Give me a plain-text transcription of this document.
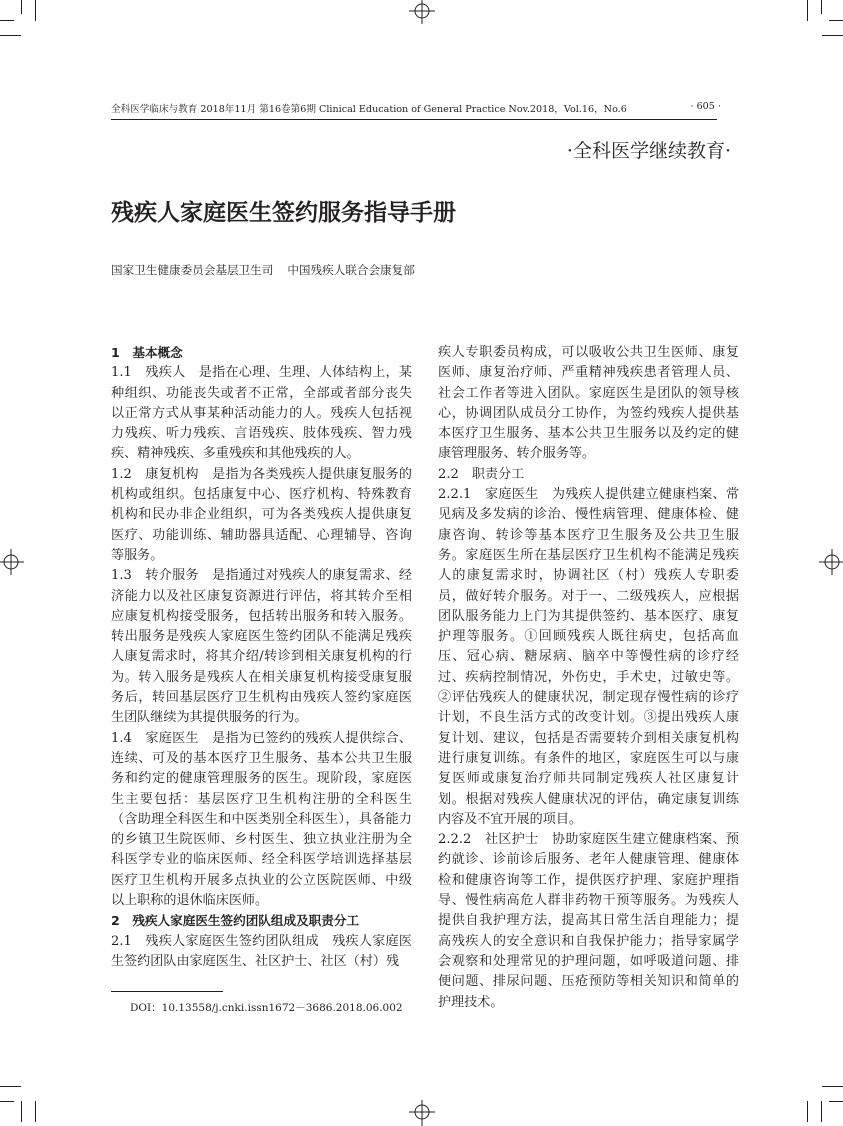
全科医学临床与教育 2018年11月 第16卷第6期 Clinical Education of General Practice Nov.2018，Vol.16，No.6	· 605 ·
·全科医学继续教育·
残疾人家庭医生签约服务指导手册
国家卫生健康委员会基层卫生司 中国残疾人联合会康复部

1　基本概念

1.1　残疾人　是指在心理、生理、人体结构上，某种组织、功能丧失或者不正常，全部或者部分丧失以正常方式从事某种活动能力的人。残疾人包括视力残疾、听力残疾、言语残疾、肢体残疾、智力残疾、精神残疾、多重残疾和其他残疾的人。

1.2　康复机构　是指为各类残疾人提供康复服务的机构或组织。包括康复中心、医疗机构、特殊教育机构和民办非企业组织，可为各类残疾人提供康复医疗、功能训练、辅助器具适配、心理辅导、咨询等服务。

1.3　转介服务　是指通过对残疾人的康复需求、经济能力以及社区康复资源进行评估，将其转介至相应康复机构接受服务，包括转出服务和转入服务。转出服务是残疾人家庭医生签约团队不能满足残疾人康复需求时，将其介绍/转诊到相关康复机构的行为。转入服务是残疾人在相关康复机构接受康复服务后，转回基层医疗卫生机构由残疾人签约家庭医生团队继续为其提供服务的行为。

1.4　家庭医生　是指为已签约的残疾人提供综合、连续、可及的基本医疗卫生服务、基本公共卫生服务和约定的健康管理服务的医生。现阶段，家庭医生主要包括：基层医疗卫生机构注册的全科医生（含助理全科医生和中医类别全科医生），具备能力的乡镇卫生院医师、乡村医生、独立执业注册为全科医学专业的临床医师、经全科医学培训选择基层医疗卫生机构开展多点执业的公立医院医师、中级以上职称的退休临床医师。

2　残疾人家庭医生签约团队组成及职责分工

2.1　残疾人家庭医生签约团队组成　残疾人家庭医生签约团队由家庭医生、社区护士、社区（村）残

疾人专职委员构成，可以吸收公共卫生医师、康复医师、康复治疗师、严重精神残疾患者管理人员、社会工作者等进入团队。家庭医生是团队的领导核心，协调团队成员分工协作，为签约残疾人提供基本医疗卫生服务、基本公共卫生服务以及约定的健康管理服务、转介服务等。

2.2　职责分工

2.2.1　家庭医生　为残疾人提供建立健康档案、常见病及多发病的诊治、慢性病管理、健康体检、健康咨询、转诊等基本医疗卫生服务及公共卫生服务。家庭医生所在基层医疗卫生机构不能满足残疾人的康复需求时，协调社区（村）残疾人专职委员，做好转介服务。对于一、二级残疾人，应根据团队服务能力上门为其提供签约、基本医疗、康复护理等服务。①回顾残疾人既往病史，包括高血压、冠心病、糖尿病、脑卒中等慢性病的诊疗经过、疾病控制情况，外伤史，手术史，过敏史等。②评估残疾人的健康状况，制定现存慢性病的诊疗计划，不良生活方式的改变计划。③提出残疾人康复计划、建议，包括是否需要转介到相关康复机构进行康复训练。有条件的地区，家庭医生可以与康复医师或康复治疗师共同制定残疾人社区康复计划。根据对残疾人健康状况的评估，确定康复训练内容及不宜开展的项目。

2.2.2　社区护士　协助家庭医生建立健康档案、预约就诊、诊前诊后服务、老年人健康管理、健康体检和健康咨询等工作，提供医疗护理、家庭护理指导、慢性病高危人群非药物干预等服务。为残疾人提供自我护理方法，提高其日常生活自理能力；提高残疾人的安全意识和自我保护能力；指导家属学会观察和处理常见的护理问题，如呼吸道问题、排便问题、排尿问题、压疮预防等相关知识和简单的护理技术。

DOI：10.13558/j.cnki.issn1672－3686.2018.06.002
